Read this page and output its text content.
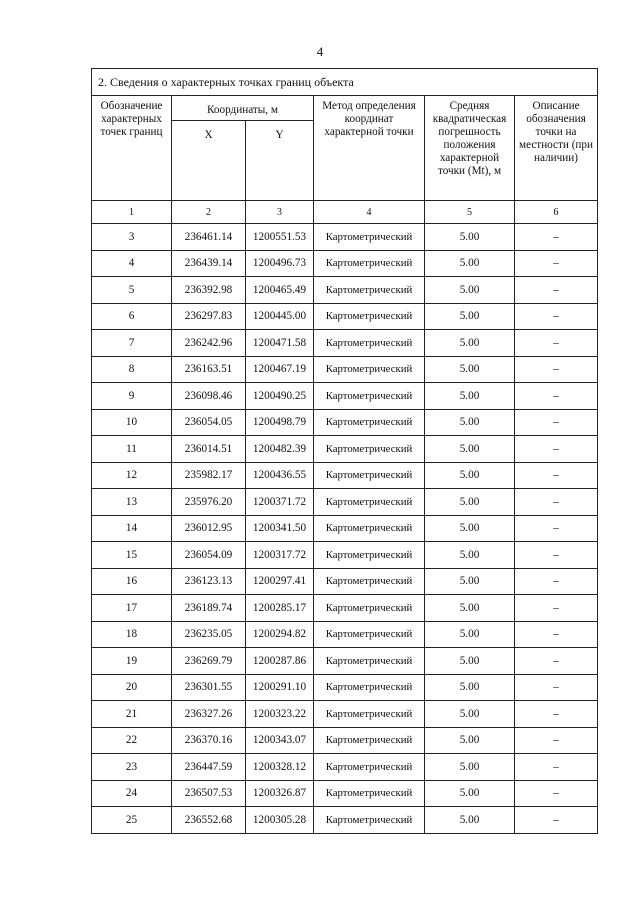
4
2. Сведения о характерных точках границ объекта					
Обозначение характерных точек границ	Координаты, м		Метод определения координат характерной точки	Средняя квадратическая погрешность положения характерной точки (Mt), м	Описание обозначения точки на местности (при наличии)
	X	Y			
1	2	3	4	5	6
3	236461.14	1200551.53	Картометрический	5.00	–
4	236439.14	1200496.73	Картометрический	5.00	–
5	236392.98	1200465.49	Картометрический	5.00	–
6	236297.83	1200445.00	Картометрический	5.00	–
7	236242.96	1200471.58	Картометрический	5.00	–
8	236163.51	1200467.19	Картометрический	5.00	–
9	236098.46	1200490.25	Картометрический	5.00	–
10	236054.05	1200498.79	Картометрический	5.00	–
11	236014.51	1200482.39	Картометрический	5.00	–
12	235982.17	1200436.55	Картометрический	5.00	–
13	235976.20	1200371.72	Картометрический	5.00	–
14	236012.95	1200341.50	Картометрический	5.00	–
15	236054.09	1200317.72	Картометрический	5.00	–
16	236123.13	1200297.41	Картометрический	5.00	–
17	236189.74	1200285.17	Картометрический	5.00	–
18	236235.05	1200294.82	Картометрический	5.00	–
19	236269.79	1200287.86	Картометрический	5.00	–
20	236301.55	1200291.10	Картометрический	5.00	–
21	236327.26	1200323.22	Картометрический	5.00	–
22	236370.16	1200343.07	Картометрический	5.00	–
23	236447.59	1200328.12	Картометрический	5.00	–
24	236507.53	1200326.87	Картометрический	5.00	–
25	236552.68	1200305.28	Картометрический	5.00	–
